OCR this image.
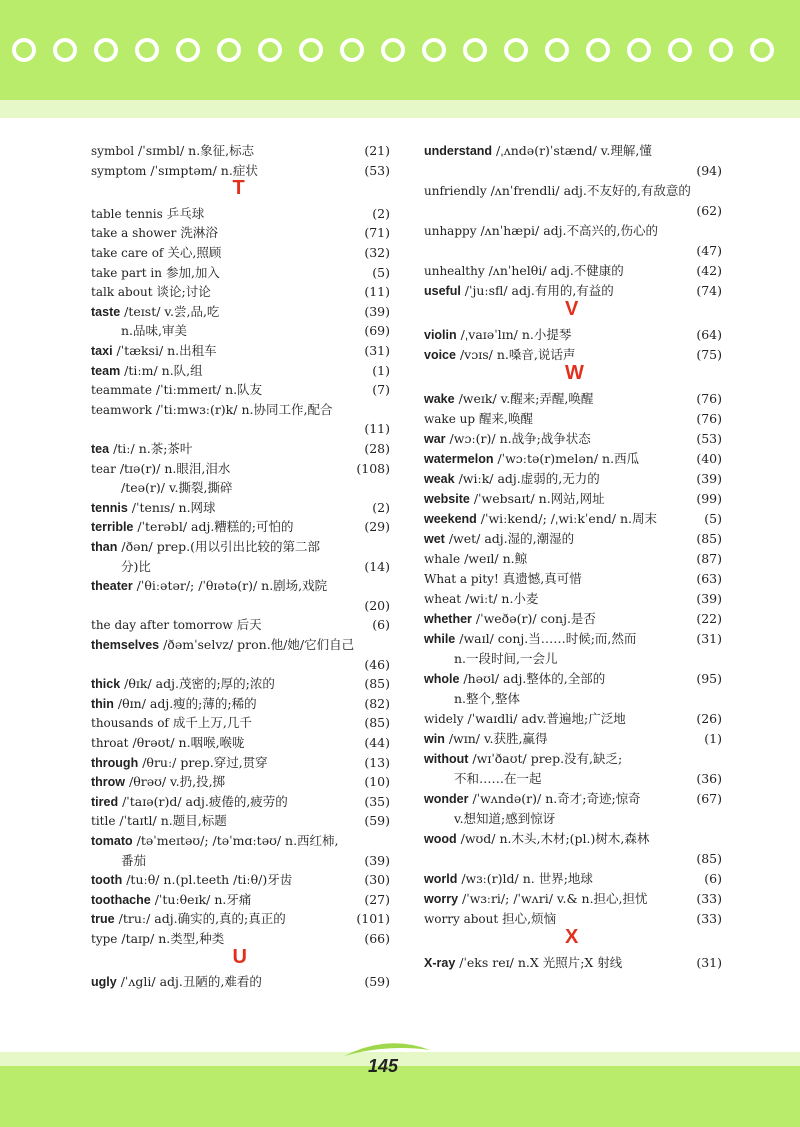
symbol /ˈsɪmbl/ n.象征,标志	(21)
symptom /ˈsɪmptəm/ n.症状	(53)
T
table tennis 乒乓球	(2)
take a shower 洗淋浴	(71)
take care of 关心,照顾	(32)
take part in 参加,加入	(5)
talk about 谈论;讨论	(11)
taste /teɪst/ v.尝,品,吃	(39)
n.品味,审美	(69)
taxi /ˈtæksi/ n.出租车	(31)
team /tiːm/ n.队,组	(1)
teammate /ˈtiːmmeɪt/ n.队友	(7)
teamwork /ˈtiːmwɜː(r)k/ n.协同工作,配合
(11)
tea /tiː/ n.茶;茶叶	(28)
tear /tɪə(r)/ n.眼泪,泪水	(108)
/teə(r)/ v.撕裂,撕碎
tennis /ˈtenɪs/ n.网球	(2)
terrible /ˈterəbl/ adj.糟糕的;可怕的	(29)
than /ðən/ prep.(用以引出比较的第二部
分)比	(14)
theater /ˈθiːətər/; /ˈθɪətə(r)/ n.剧场,戏院
(20)
the day after tomorrow 后天	(6)
themselves /ðəmˈselvz/ pron.他/她/它们自己
(46)
thick /θɪk/ adj.茂密的;厚的;浓的	(85)
thin /θɪn/ adj.瘦的;薄的;稀的	(82)
thousands of 成千上万,几千	(85)
throat /θrəʊt/ n.咽喉,喉咙	(44)
through /θruː/ prep.穿过,贯穿	(13)
throw /θrəʊ/ v.扔,投,掷	(10)
tired /ˈtaɪə(r)d/ adj.疲倦的,疲劳的	(35)
title /ˈtaɪtl/ n.题目,标题	(59)
tomato /təˈmeɪtəʊ/; /təˈmɑːtəʊ/ n.西红柿,
番茄	(39)
tooth /tuːθ/ n.(pl.teeth /tiːθ/)牙齿	(30)
toothache /ˈtuːθeɪk/ n.牙痛	(27)
true /truː/ adj.确实的,真的;真正的	(101)
type /taɪp/ n.类型,种类	(66)
U
ugly /ˈʌgli/ adj.丑陋的,难看的	(59)
understand /ˌʌndə(r)ˈstænd/ v.理解,懂
(94)
unfriendly /ʌnˈfrendli/ adj.不友好的,有敌意的
(62)
unhappy /ʌnˈhæpi/ adj.不高兴的,伤心的
(47)
unhealthy /ʌnˈhelθi/ adj.不健康的	(42)
useful /ˈjuːsfl/ adj.有用的,有益的	(74)
V
violin /ˌvaɪəˈlɪn/ n.小提琴	(64)
voice /vɔɪs/ n.嗓音,说话声	(75)
W
wake /weɪk/ v.醒来;弄醒,唤醒	(76)
wake up 醒来,唤醒	(76)
war /wɔː(r)/ n.战争;战争状态	(53)
watermelon /ˈwɔːtə(r)melən/ n.西瓜	(40)
weak /wiːk/ adj.虚弱的,无力的	(39)
website /ˈwebsaɪt/ n.网站,网址	(99)
weekend /ˈwiːkend/; /ˌwiːkˈend/ n.周末	(5)
wet /wet/ adj.湿的,潮湿的	(85)
whale /weɪl/ n.鲸	(87)
What a pity! 真遗憾,真可惜	(63)
wheat /wiːt/ n.小麦	(39)
whether /ˈweðə(r)/ conj.是否	(22)
while /waɪl/ conj.当……时候;而,然而	(31)
n.一段时间,一会儿
whole /həʊl/ adj.整体的,全部的	(95)
n.整个,整体
widely /ˈwaɪdli/ adv.普遍地;广泛地	(26)
win /wɪn/ v.获胜,赢得	(1)
without /wɪˈðaʊt/ prep.没有,缺乏;
不和……在一起	(36)
wonder /ˈwʌndə(r)/ n.奇才;奇迹;惊奇	(67)
v.想知道;感到惊讶
wood /wʊd/ n.木头,木材;(pl.)树木,森林
(85)
world /wɜː(r)ld/ n. 世界;地球	(6)
worry /ˈwɜːri/; /ˈwʌri/ v.& n.担心,担忧	(33)
worry about 担心,烦恼	(33)
X
X-ray /ˈeks reɪ/ n.X 光照片;X 射线	(31)
145
